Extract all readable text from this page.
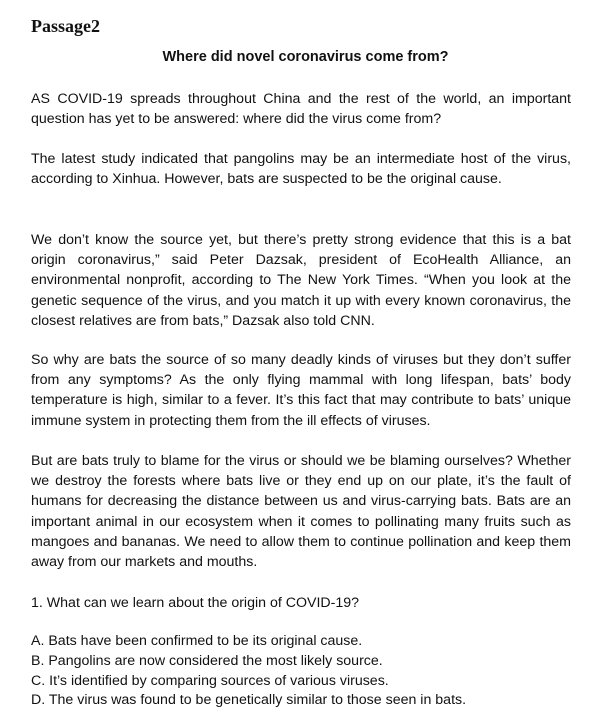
Passage2
Where did novel coronavirus come from?

AS COVID-19 spreads throughout China and the rest of the world, an important question has yet to be answered: where did the virus come from?

The latest study indicated that pangolins may be an intermediate host of the virus, according to Xinhua. However, bats are suspected to be the original cause.

We don’t know the source yet, but there’s pretty strong evidence that this is a bat origin coronavirus,” said Peter Dazsak, president of EcoHealth Alliance, an environmental nonprofit, according to The New York Times. “When you look at the genetic sequence of the virus, and you match it up with every known coronavirus, the closest relatives are from bats,” Dazsak also told CNN.

So why are bats the source of so many deadly kinds of viruses but they don’t suffer from any symptoms? As the only flying mammal with long lifespan, bats’ body temperature is high, similar to a fever. It’s this fact that may contribute to bats’ unique immune system in protecting them from the ill effects of viruses.

But are bats truly to blame for the virus or should we be blaming ourselves? Whether we destroy the forests where bats live or they end up on our plate, it’s the fault of humans for decreasing the distance between us and virus-carrying bats. Bats are an important animal in our ecosystem when it comes to pollinating many fruits such as mangoes and bananas. We need to allow them to continue pollination and keep them away from our markets and mouths.

1. What can we learn about the origin of COVID-19?
A. Bats have been confirmed to be its original cause.
B. Pangolins are now considered the most likely source.
C. It’s identified by comparing sources of various viruses.
D. The virus was found to be genetically similar to those seen in bats.
